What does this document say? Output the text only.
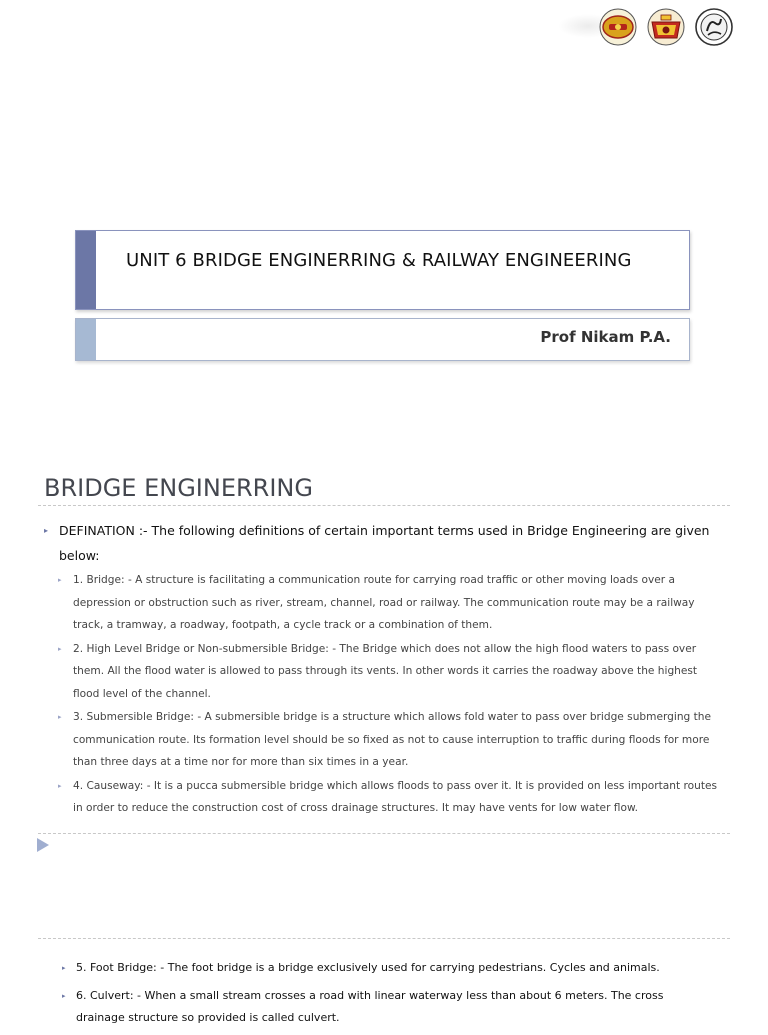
UNIT 6 BRIDGE ENGINERRING & RAILWAY ENGINEERING
Prof Nikam P.A.
BRIDGE ENGINERRING
▸ DEFINATION :- The following definitions of certain important terms used in Bridge Engineering are given below:
▸ 1. Bridge: - A structure is facilitating a communication route for carrying road traffic or other moving loads over a depression or obstruction such as river, stream, channel, road or railway. The communication route may be a railway track, a tramway, a roadway, footpath, a cycle track or a combination of them.
▸ 2. High Level Bridge or Non-submersible Bridge: - The Bridge which does not allow the high flood waters to pass over them. All the flood water is allowed to pass through its vents. In other words it carries the roadway above the highest flood level of the channel.
▸ 3. Submersible Bridge: - A submersible bridge is a structure which allows fold water to pass over bridge submerging the communication route. Its formation level should be so fixed as not to cause interruption to traffic during floods for more than three days at a time nor for more than six times in a year.
▸ 4. Causeway: - It is a pucca submersible bridge which allows floods to pass over it. It is provided on less important routes in order to reduce the construction cost of cross drainage structures. It may have vents for low water flow.
▸ 5. Foot Bridge: - The foot bridge is a bridge exclusively used for carrying pedestrians. Cycles and animals.
▸ 6. Culvert: - When a small stream crosses a road with linear waterway less than about 6 meters. The cross drainage structure so provided is called culvert.
